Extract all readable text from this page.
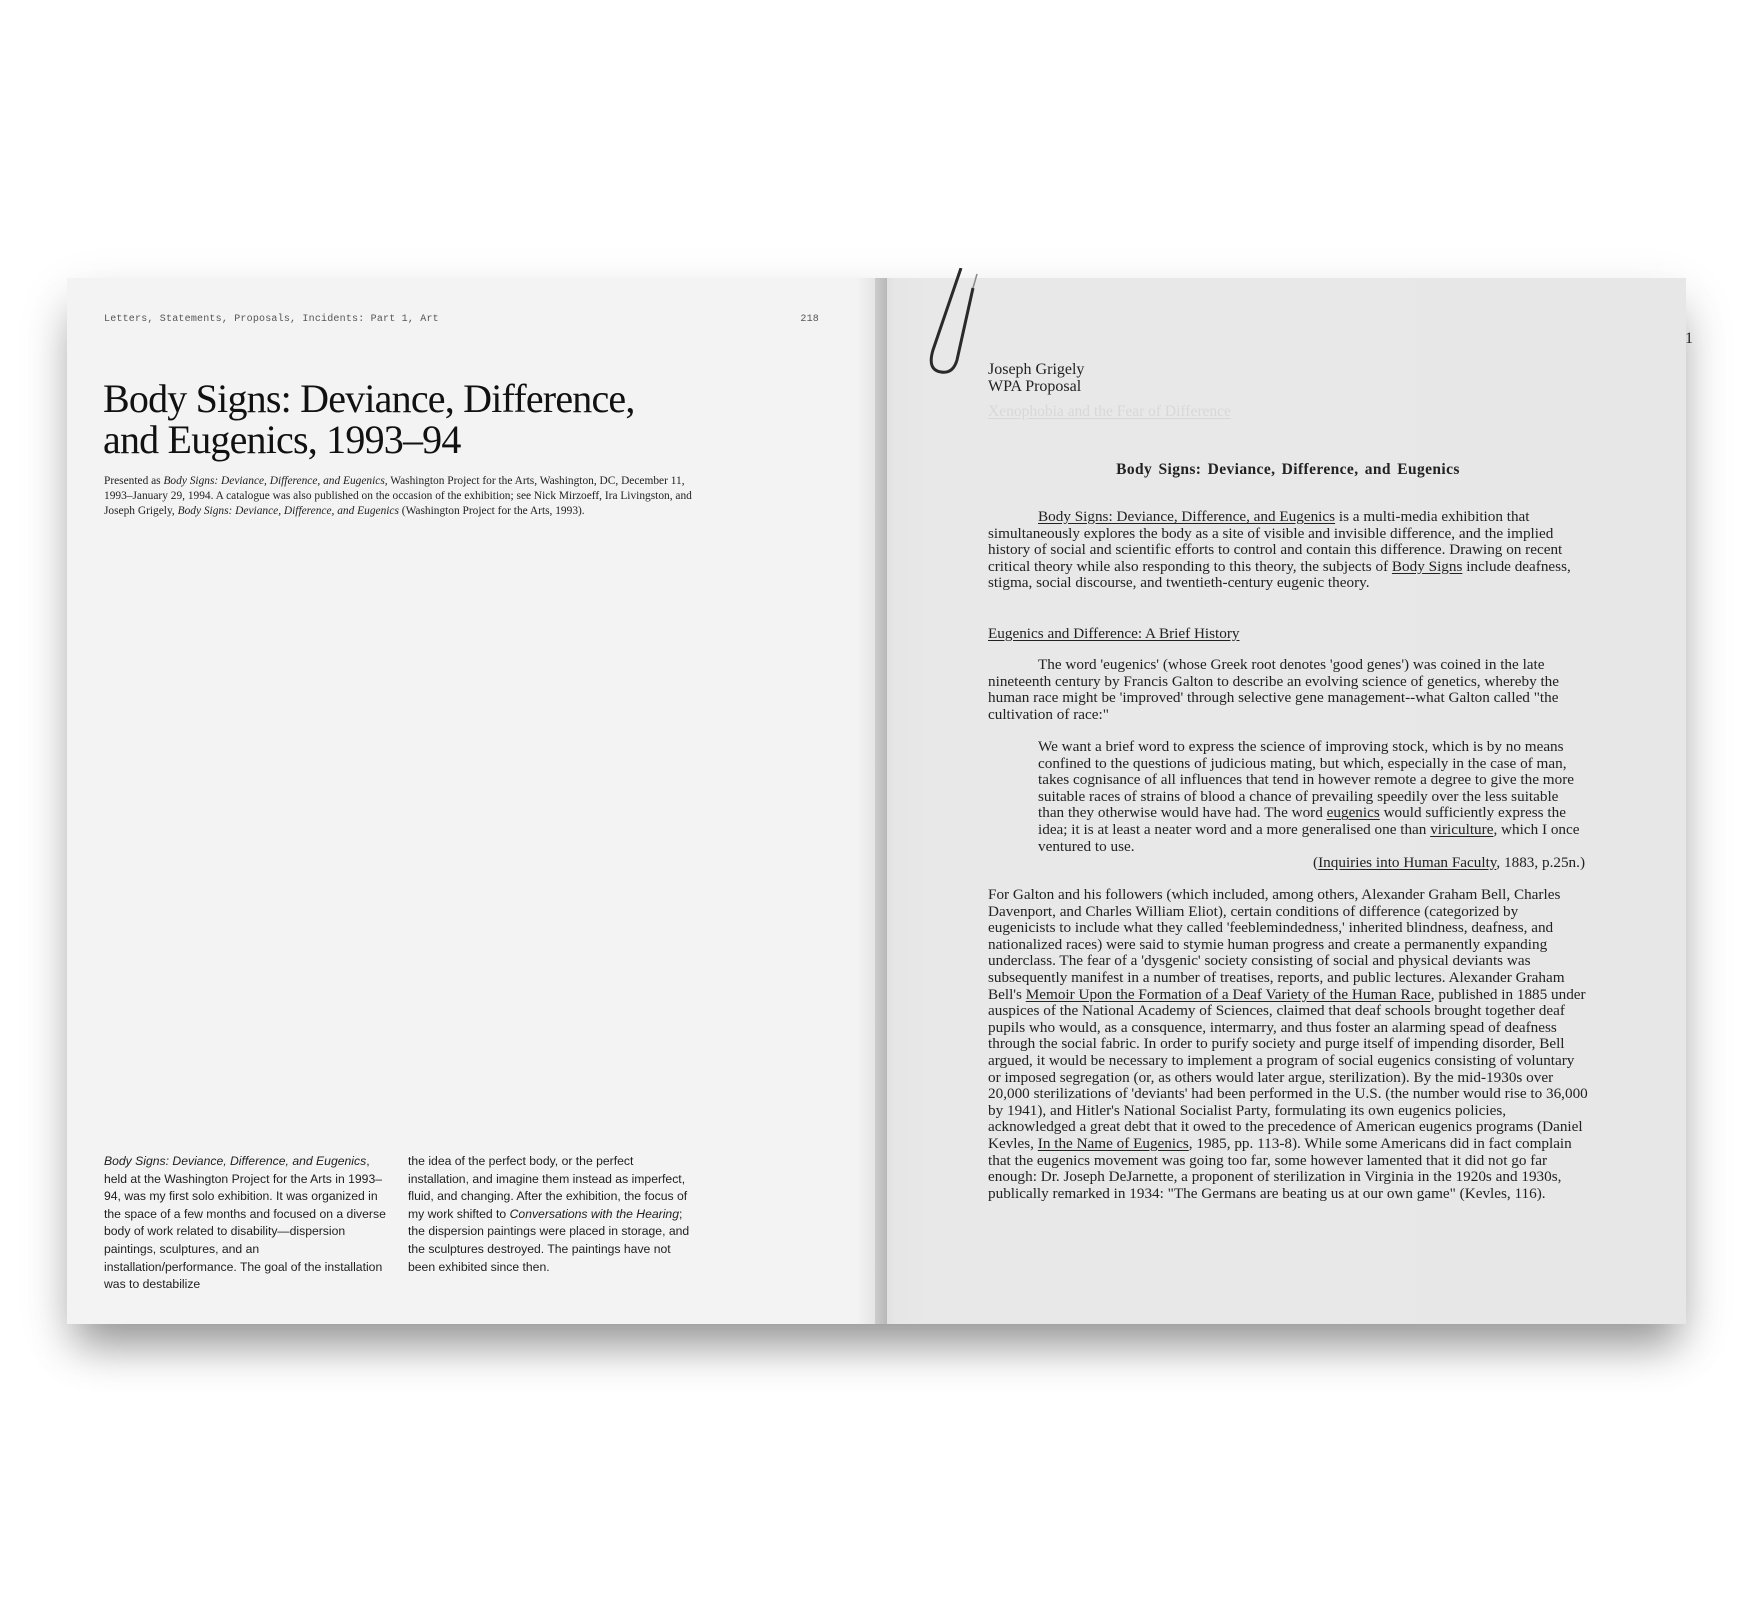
Letters, Statements, Proposals, Incidents: Part 1, Art	218
Body Signs: Deviance, Difference,
and Eugenics, 1993–94

Presented as Body Signs: Deviance, Difference, and Eugenics, Washington Project for the Arts, Washington, DC, December 11, 1993–January 29, 1994. A catalogue was also published on the occasion of the exhibition; see Nick Mirzoeff, Ira Livingston, and Joseph Grigely, Body Signs: Deviance, Difference, and Eugenics (Washington Project for the Arts, 1993).

Body Signs: Deviance, Difference, and Eugenics, held at the Washington Project for the Arts in 1993–94, was my first solo exhibition. It was organized in the space of a few months and focused on a diverse body of work related to disability—dispersion paintings, sculptures, and an installation/performance. The goal of the installation was to destabilize

the idea of the perfect body, or the perfect installation, and imagine them instead as imperfect, fluid, and changing. After the exhibition, the focus of my work shifted to Conversations with the Hearing; the dispersion paintings were placed in storage, and the sculptures destroyed. The paintings have not been exhibited since then.

Xenophobia and the Fear of Difference
1
Joseph Grigely
WPA Proposal
Body Signs: Deviance, Difference, and Eugenics

Body Signs: Deviance, Difference, and Eugenics is a multi-media exhibition that simultaneously explores the body as a site of visible and invisible difference, and the implied history of social and scientific efforts to control and contain this difference. Drawing on recent critical theory while also responding to this theory, the subjects of Body Signs include deafness, stigma, social discourse, and twentieth-century eugenic theory.

Eugenics and Difference: A Brief History

The word 'eugenics' (whose Greek root denotes 'good genes') was coined in the late nineteenth century by Francis Galton to describe an evolving science of genetics, whereby the human race might be 'improved' through selective gene management--what Galton called "the cultivation of race:"

We want a brief word to express the science of improving stock, which is by no means confined to the questions of judicious mating, but which, especially in the case of man, takes cognisance of all influences that tend in however remote a degree to give the more suitable races of strains of blood a chance of prevailing speedily over the less suitable than they otherwise would have had. The word eugenics would sufficiently express the idea; it is at least a neater word and a more generalised one than viriculture, which I once ventured to use.

(Inquiries into Human Faculty, 1883, p.25n.)

For Galton and his followers (which included, among others, Alexander Graham Bell, Charles Davenport, and Charles William Eliot), certain conditions of difference (categorized by eugenicists to include what they called 'feeblemindedness,' inherited blindness, deafness, and nationalized races) were said to stymie human progress and create a permanently expanding underclass. The fear of a 'dysgenic' society consisting of social and physical deviants was subsequently manifest in a number of treatises, reports, and public lectures. Alexander Graham Bell's Memoir Upon the Formation of a Deaf Variety of the Human Race, published in 1885 under auspices of the National Academy of Sciences, claimed that deaf schools brought together deaf pupils who would, as a consquence, intermarry, and thus foster an alarming spead of deafness through the social fabric. In order to purify society and purge itself of impending disorder, Bell argued, it would be necessary to implement a program of social eugenics consisting of voluntary or imposed segregation (or, as others would later argue, sterilization). By the mid-1930s over 20,000 sterilizations of 'deviants' had been performed in the U.S. (the number would rise to 36,000 by 1941), and Hitler's National Socialist Party, formulating its own eugenics policies, acknowledged a great debt that it owed to the precedence of American eugenics programs (Daniel Kevles, In the Name of Eugenics, 1985, pp. 113-8). While some Americans did in fact complain that the eugenics movement was going too far, some however lamented that it did not go far enough: Dr. Joseph DeJarnette, a proponent of sterilization in Virginia in the 1920s and 1930s, publically remarked in 1934: "The Germans are beating us at our own game" (Kevles, 116).
